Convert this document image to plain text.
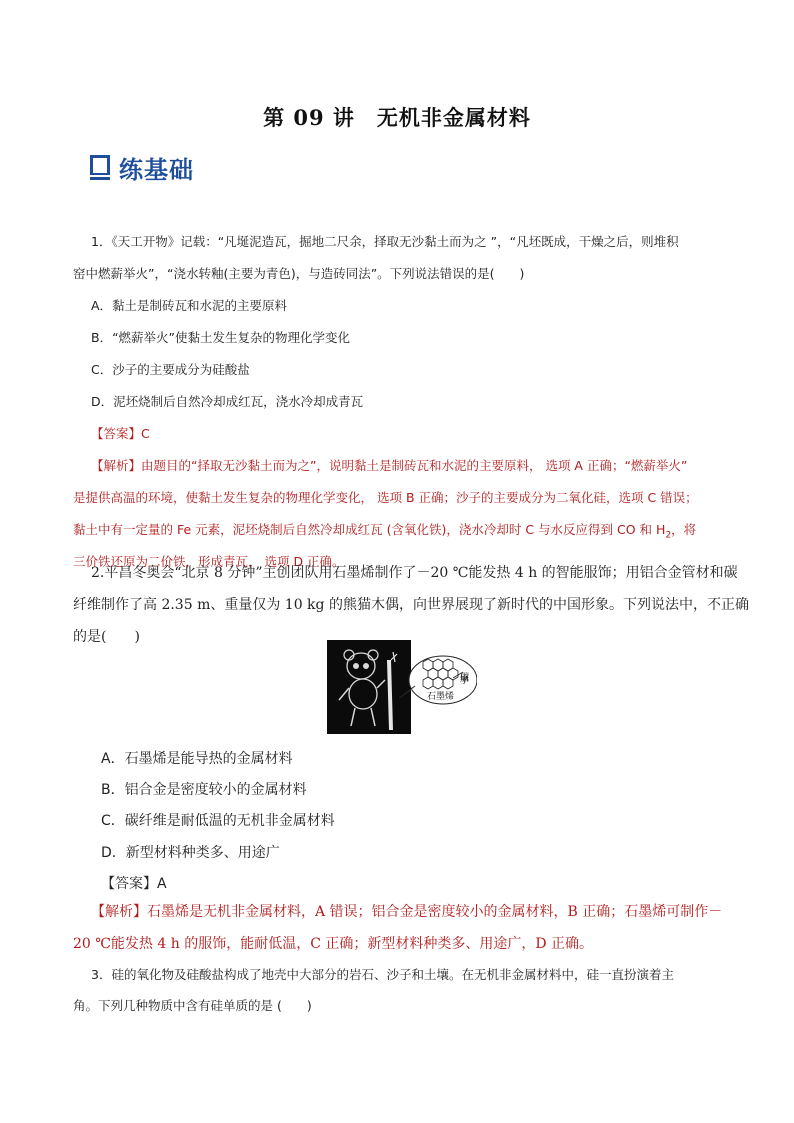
第 09 讲　无机非金属材料
练基础
1．《天工开物》记载：“凡埏泥造瓦，掘地二尺余，择取无沙黏土而为之 ”，“凡坯既成，干燥之后，则堆积
窑中燃薪举火”，“浇水转釉(主要为青色)，与造砖同法”。下列说法错误的是(　　)
A．黏土是制砖瓦和水泥的主要原料
B．“燃薪举火”使黏土发生复杂的物理化学变化
C．沙子的主要成分为硅酸盐
D．泥坯烧制后自然冷却成红瓦，浇水冷却成青瓦
【答案】C
【解析】由题目的“择取无沙黏土而为之”，说明黏土是制砖瓦和水泥的主要原料， 选项 A 正确；“燃薪举火”
是提供高温的环境，使黏土发生复杂的物理化学变化， 选项 B 正确；沙子的主要成分为二氧化硅，选项 C 错误；
黏土中有一定量的 Fe 元素，泥坯烧制后自然冷却成红瓦 (含氧化铁)，浇水冷却时 C 与水反应得到 CO 和 $H_2$，将
三价铁还原为二价铁，形成青瓦， 选项 D 正确。
2.平昌冬奥会“北京 8 分钟”主创团队用石墨烯制作了－20 ℃能发热 4 h 的智能服饰；用铝合金管材和碳
纤维制作了高 2.35 m、重量仅为 10 kg 的熊猫木偶，向世界展现了新时代的中国形象。下列说法中，不正确
的是(　　)
碳原子
石墨烯
A．石墨烯是能导热的金属材料
B．铝合金是密度较小的金属材料
C．碳纤维是耐低温的无机非金属材料
D．新型材料种类多、用途广
【答案】A
【解析】石墨烯是无机非金属材料，A 错误；铝合金是密度较小的金属材料，B 正确；石墨烯可制作－
20 ℃能发热 4 h 的服饰，能耐低温，C 正确；新型材料种类多、用途广，D 正确。
3．硅的氧化物及硅酸盐构成了地壳中大部分的岩石、沙子和土壤。在无机非金属材料中，硅一直扮演着主
角。下列几种物质中含有硅单质的是 (　　)
